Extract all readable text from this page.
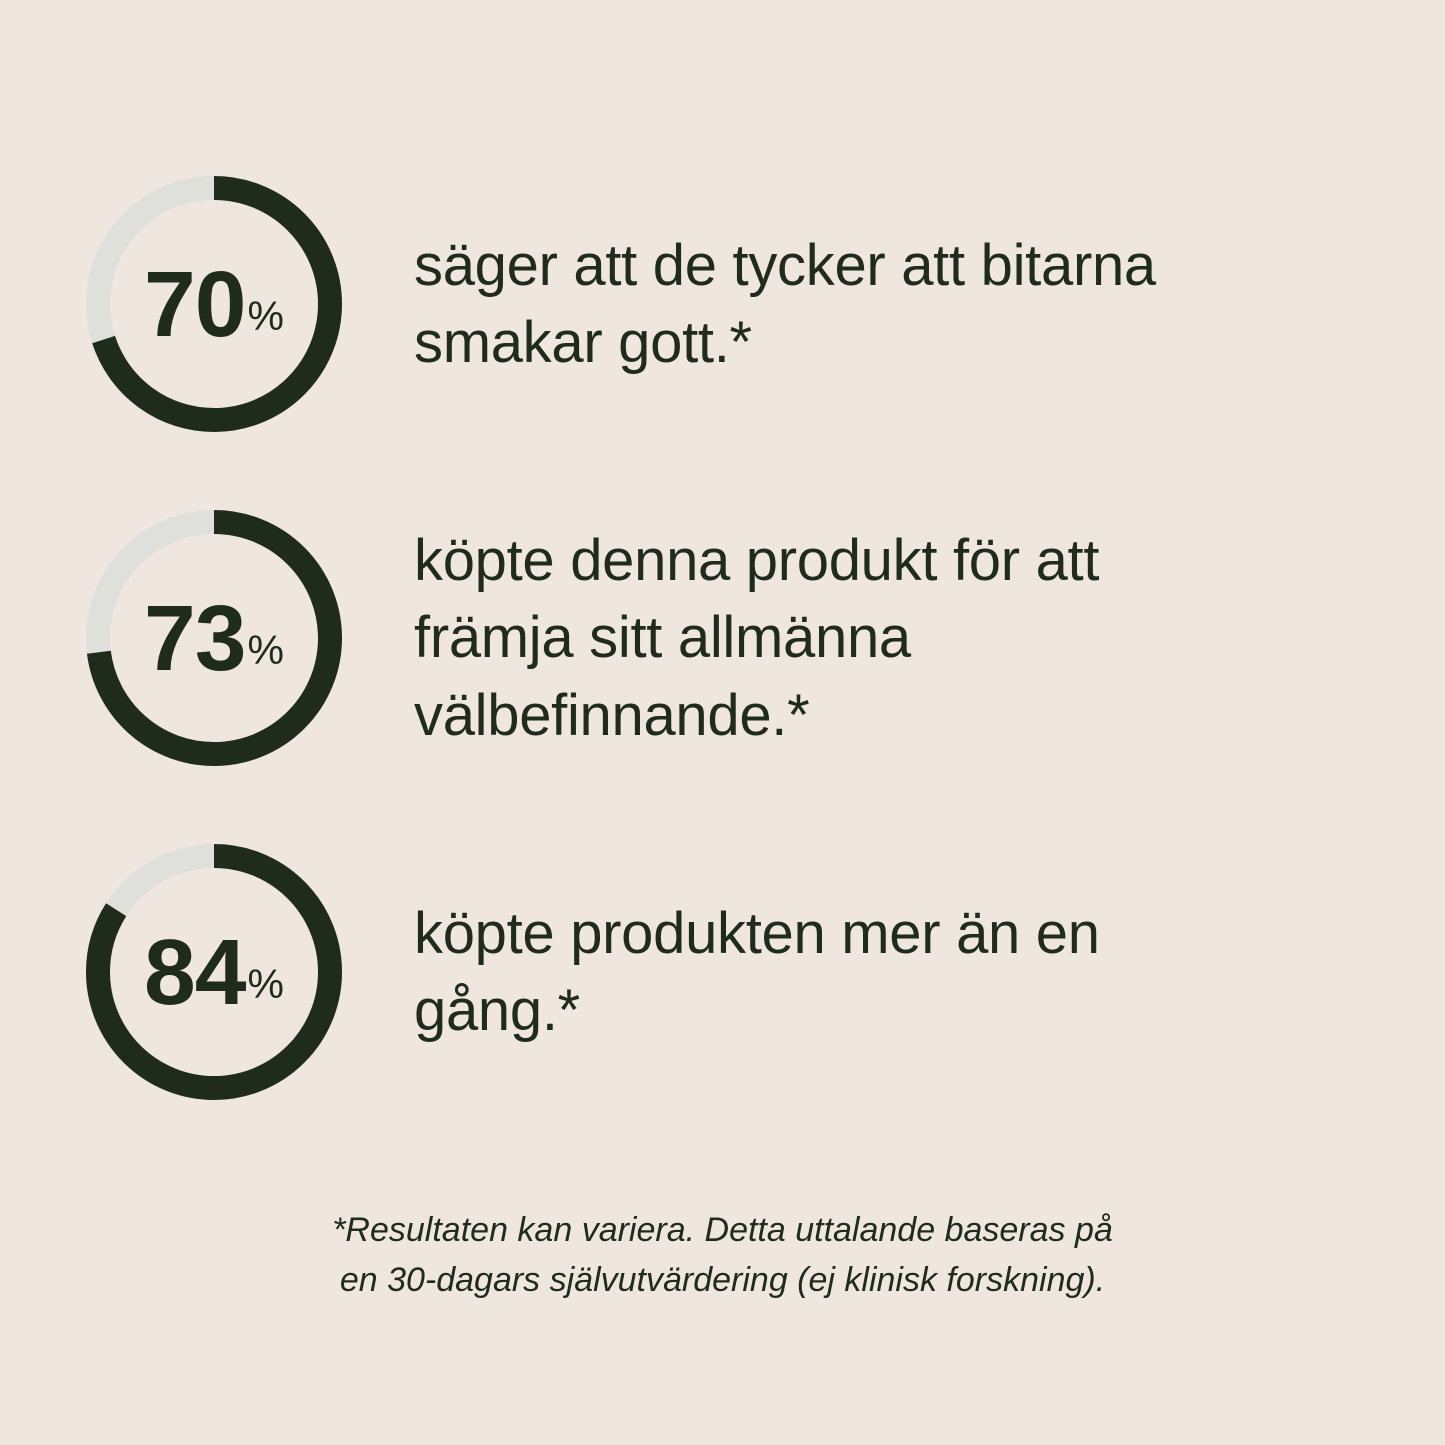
70 %
säger att de tycker att bitarna smakar gott.*
73 %
köpte denna produkt för att främja sitt allmänna välbefinnande.*
84 %
köpte produkten mer än en gång.*
*Resultaten kan variera. Detta uttalande baseras på
en 30-dagars självutvärdering (ej klinisk forskning).
